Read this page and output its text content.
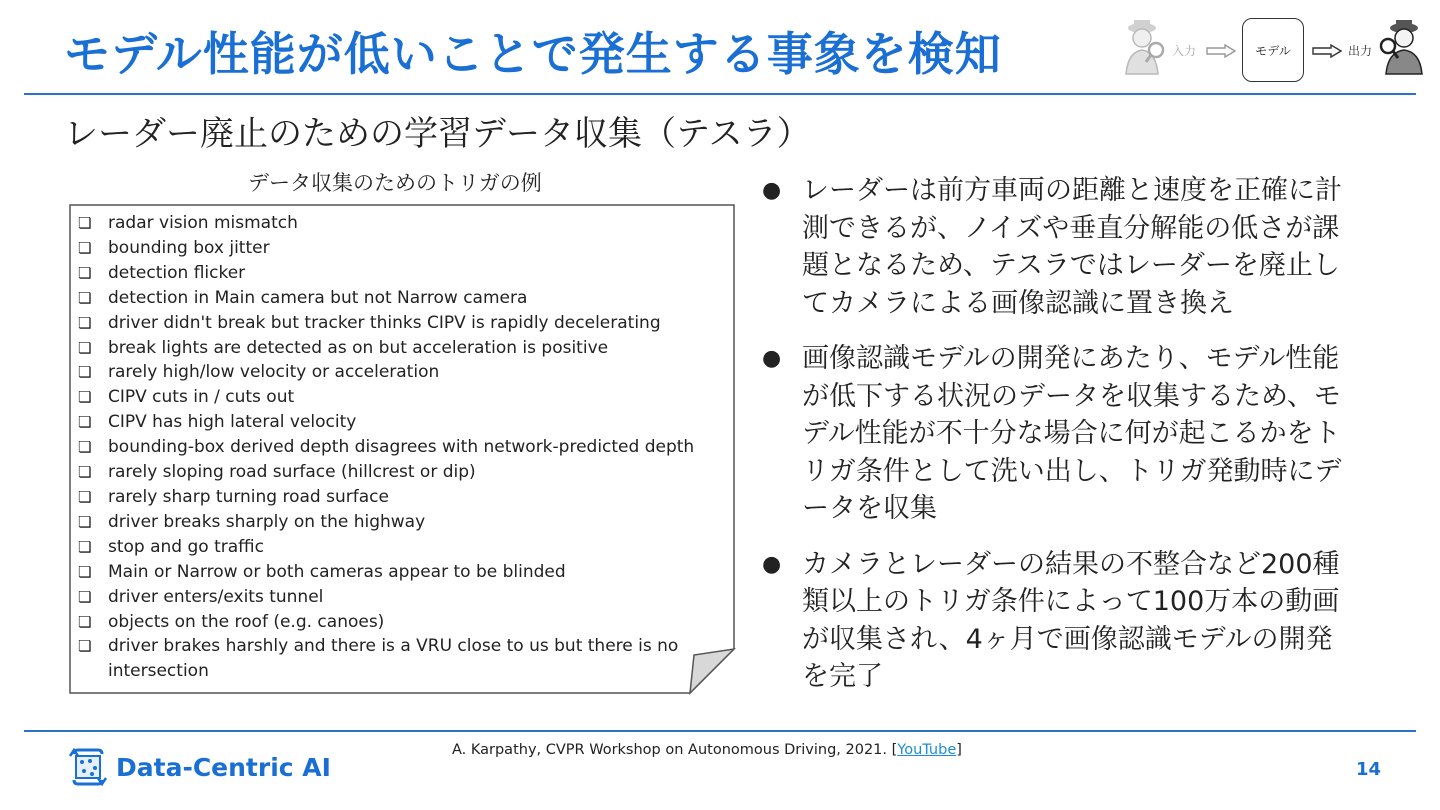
モデル性能が低いことで発生する事象を検知	入力	モデル	出力
レーダー廃止のための学習データ収集（テスラ）
データ収集のためのトリガの例
❏ radar vision mismatch
❏ bounding box jitter
❏ detection flicker
❏ detection in Main camera but not Narrow camera
❏ driver didn't break but tracker thinks CIPV is rapidly decelerating
❏ break lights are detected as on but acceleration is positive
❏ rarely high/low velocity or acceleration
❏ CIPV cuts in / cuts out
❏ CIPV has high lateral velocity
❏ bounding-box derived depth disagrees with network-predicted depth
❏ rarely sloping road surface (hillcrest or dip)
❏ rarely sharp turning road surface
❏ driver breaks sharply on the highway
❏ stop and go traffic
❏ Main or Narrow or both cameras appear to be blinded
❏ driver enters/exits tunnel
❏ objects on the roof (e.g. canoes)
❏ driver brakes harshly and there is a VRU close to us but there is no intersection
● レーダーは前方車両の距離と速度を正確に計測できるが、ノイズや垂直分解能の低さが課題となるため、テスラではレーダーを廃止してカメラによる画像認識に置き換え
● 画像認識モデルの開発にあたり、モデル性能が低下する状況のデータを収集するため、モデル性能が不十分な場合に何が起こるかをトリガ条件として洗い出し、トリガ発動時にデータを収集
● カメラとレーダーの結果の不整合など200種類以上のトリガ条件によって100万本の動画が収集され、4ヶ月で画像認識モデルの開発を完了
Data-Centric AI
A. Karpathy, CVPR Workshop on Autonomous Driving, 2021. [YouTube]
14
